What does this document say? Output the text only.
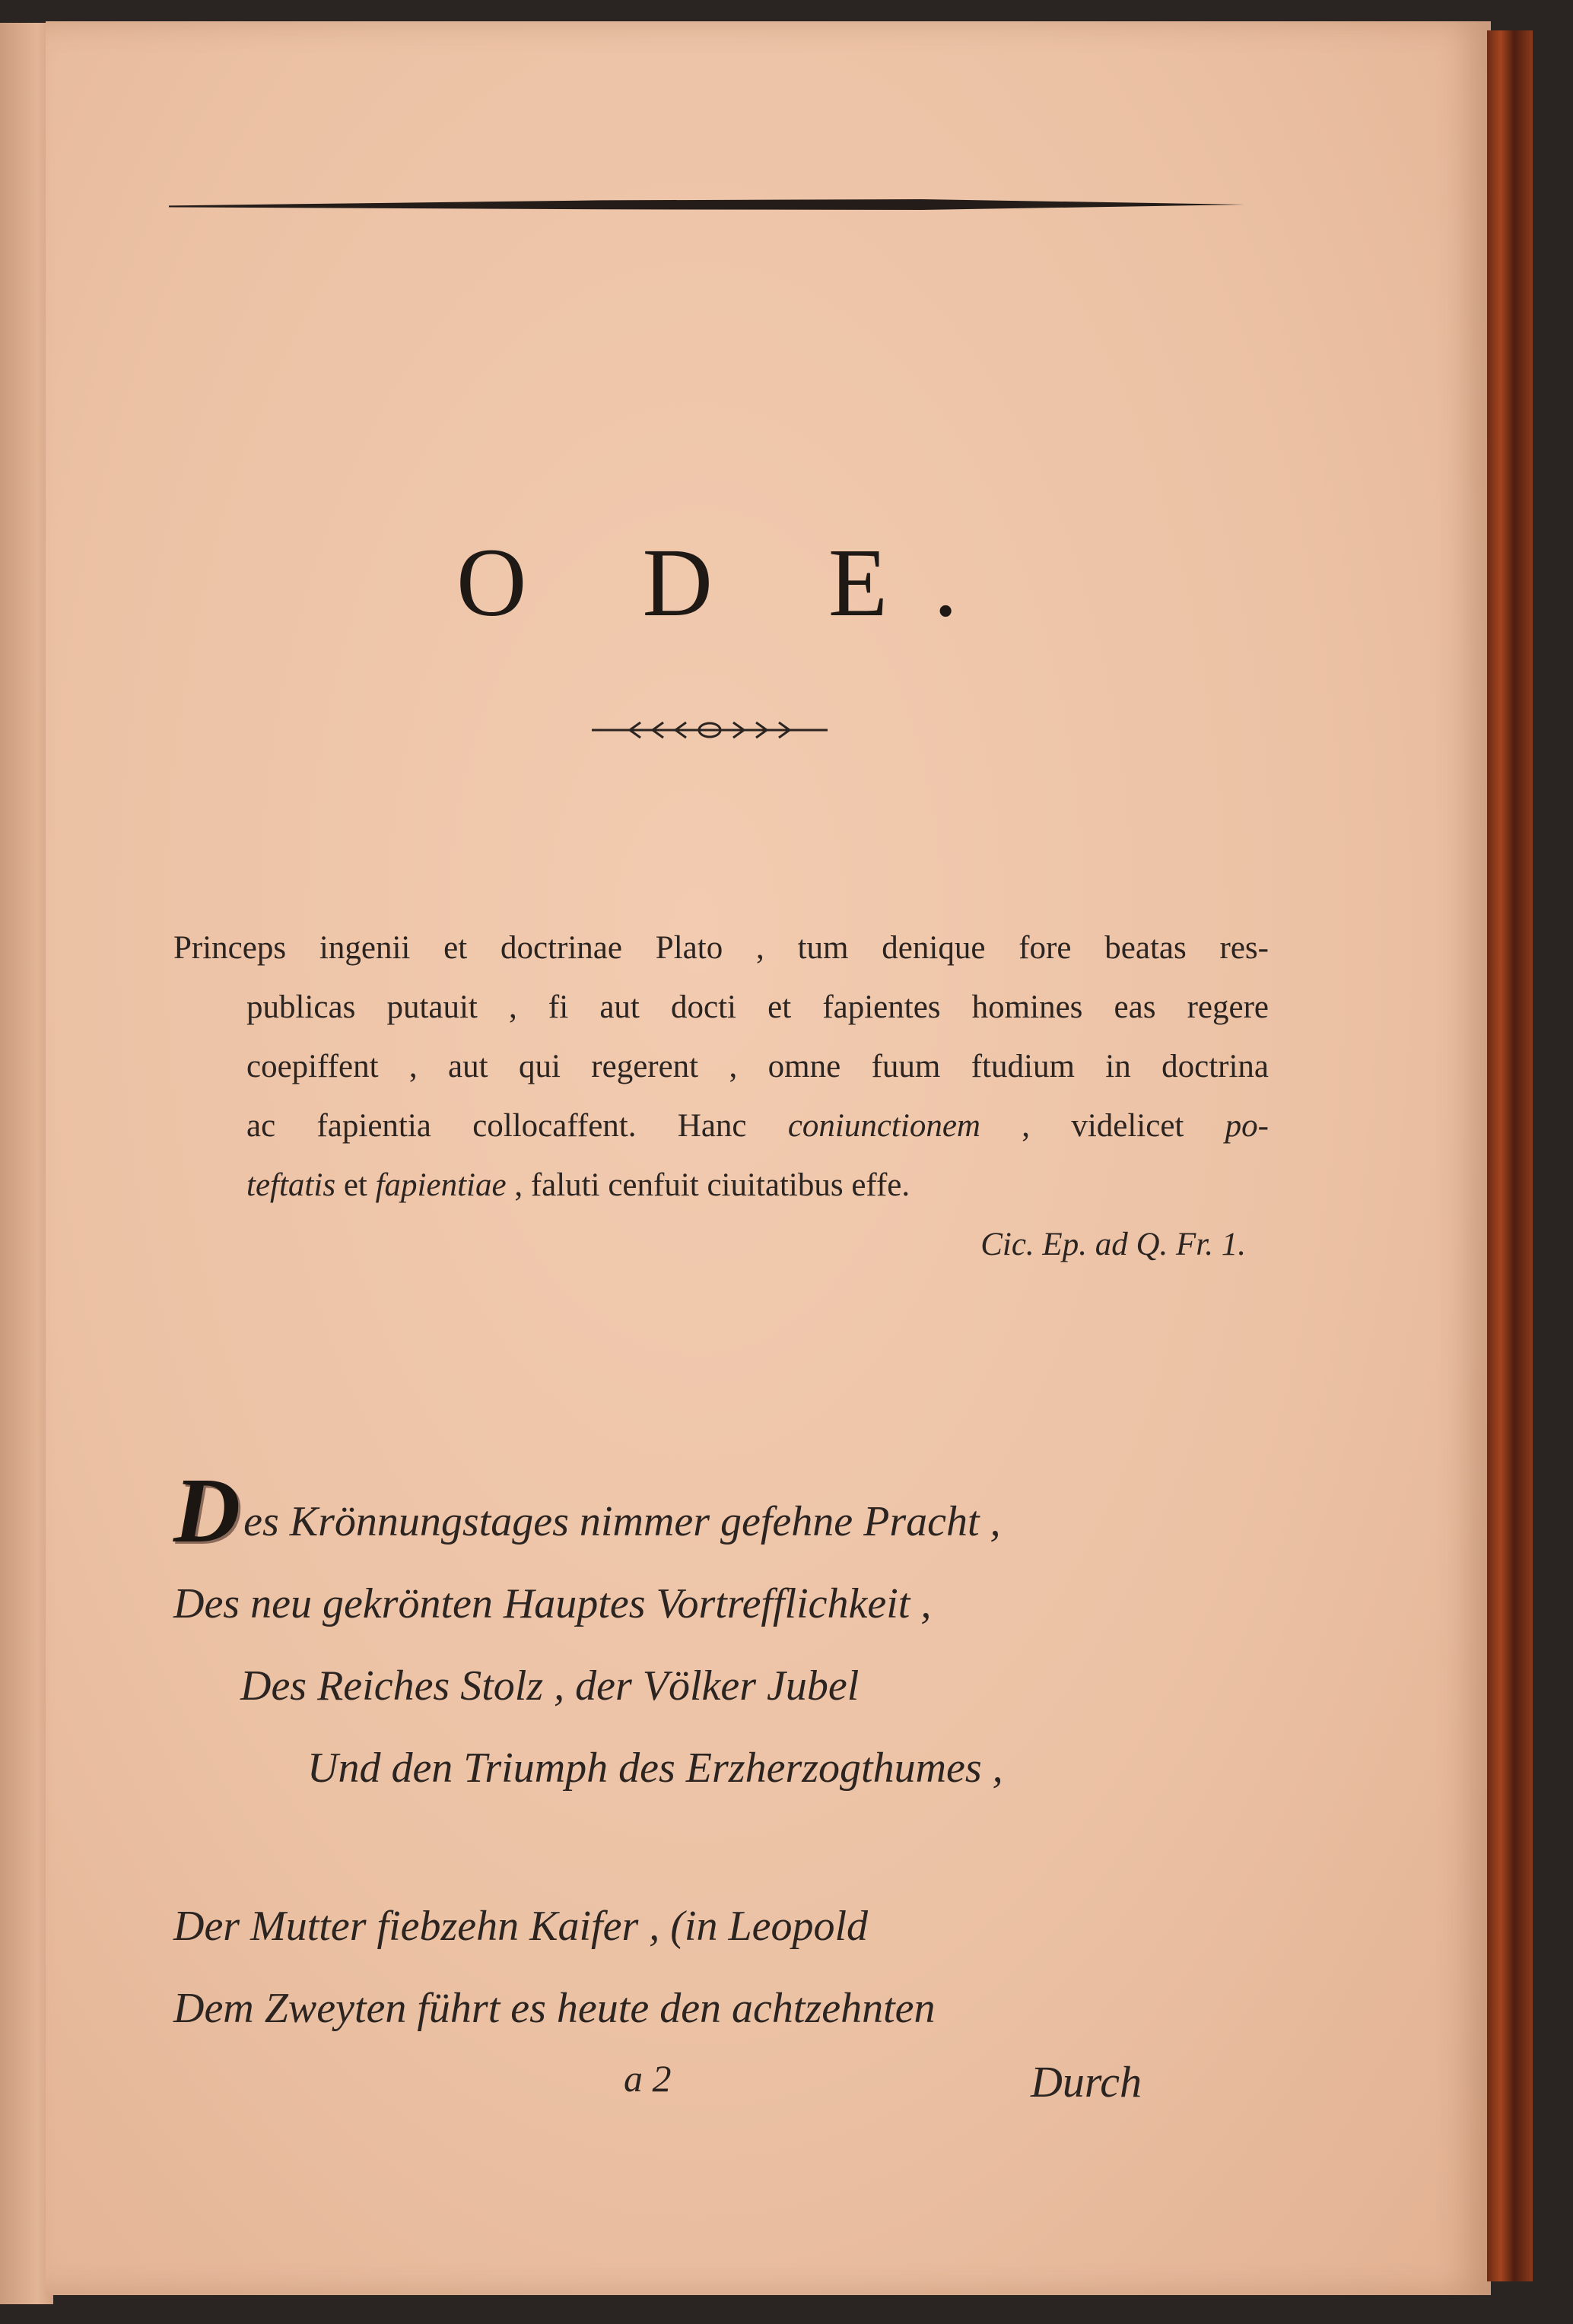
O D E.
Princeps ingenii et doctrinae Plato , tum denique fore beatas res-
publicas putauit , fi aut docti et fapientes homines eas regere
coepiffent , aut qui regerent , omne fuum ftudium in doctrina
ac fapientia collocaffent. Hanc coniunctionem , videlicet po-
teftatis et fapientiae , faluti cenfuit ciuitatibus effe.
Cic. Ep. ad Q. Fr. 1.
Des Krönnungstages nimmer gefehne Pracht ,
Des neu gekrönten Hauptes Vortrefflichkeit ,
Des Reiches Stolz , der Völker Jubel
Und den Triumph des Erzherzogthumes ,
Der Mutter fiebzehn Kaifer , (in Leopold
Dem Zweyten führt es heute den achtzehnten
a 2	Durch
